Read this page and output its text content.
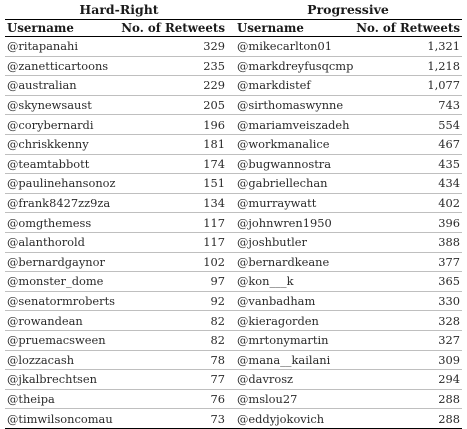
Hard-Right	Progressive
Username	No. of Retweets	Username	No. of Retweets
@ritapanahi	329	@mikecarlton01	1,321
@zanetticartoons	235	@markdreyfusqcmp	1,218
@australian	229	@markdistef	1,077
@skynewsaust	205	@sirthomaswynne	743
@corybernardi	196	@mariamveiszadeh	554
@chriskkenny	181	@workmanalice	467
@teamtabbott	174	@bugwannostra	435
@paulinehansonoz	151	@gabriellechan	434
@frank8427zz9za	134	@murraywatt	402
@omgthemess	117	@johnwren1950	396
@alanthorold	117	@joshbutler	388
@bernardgaynor	102	@bernardkeane	377
@monster_dome	97	@kon___k	365
@senatormroberts	92	@vanbadham	330
@rowandean	82	@kieragorden	328
@pruemacsween	82	@mrtonymartin	327
@lozzacash	78	@mana__kailani	309
@jkalbrechtsen	77	@davrosz	294
@theipa	76	@mslou27	288
@timwilsoncomau	73	@eddyjokovich	288
